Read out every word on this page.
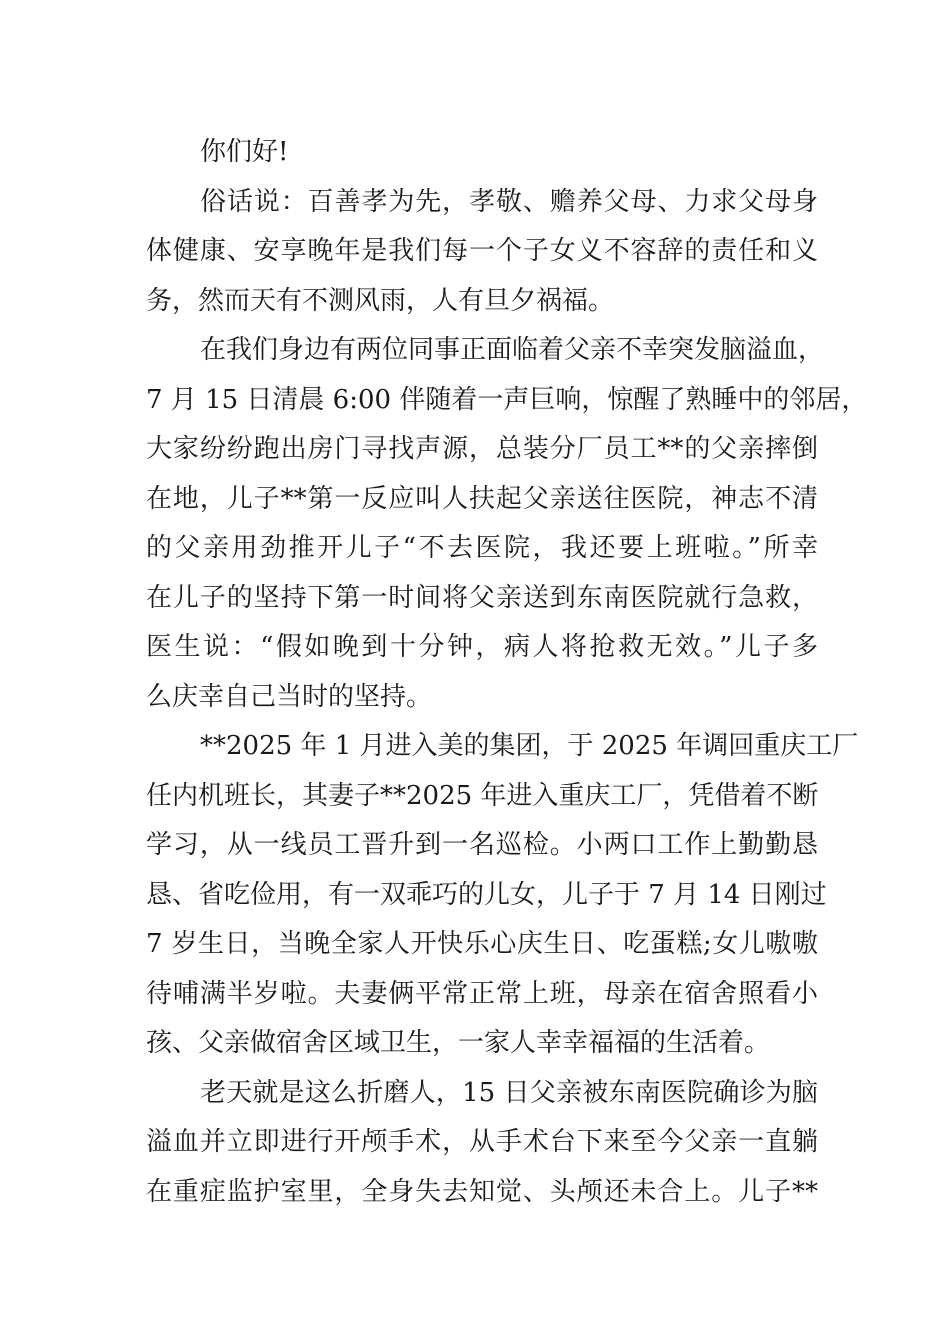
你们好!
俗话说：百善孝为先，孝敬、赡养父母、力求父母身
体健康、安享晚年是我们每一个子女义不容辞的责任和义
务，然而天有不测风雨，人有旦夕祸福。
在我们身边有两位同事正面临着父亲不幸突发脑溢血，
7 月 15 日清晨 6:00 伴随着一声巨响，惊醒了熟睡中的邻居，
大家纷纷跑出房门寻找声源，总装分厂员工**的父亲摔倒
在地，儿子**第一反应叫人扶起父亲送往医院，神志不清
的父亲用劲推开儿子“不去医院，我还要上班啦。”所幸
在儿子的坚持下第一时间将父亲送到东南医院就行急救，
医生说：“假如晚到十分钟，病人将抢救无效。”儿子多
么庆幸自己当时的坚持。
**2025 年 1 月进入美的集团，于 2025 年调回重庆工厂
任内机班长，其妻子**2025 年进入重庆工厂，凭借着不断
学习，从一线员工晋升到一名巡检。小两口工作上勤勤恳
恳、省吃俭用，有一双乖巧的儿女，儿子于 7 月 14 日刚过
7 岁生日，当晚全家人开快乐心庆生日、吃蛋糕;女儿嗷嗷
待哺满半岁啦。夫妻俩平常正常上班，母亲在宿舍照看小
孩、父亲做宿舍区域卫生，一家人幸幸福福的生活着。
老天就是这么折磨人，15 日父亲被东南医院确诊为脑
溢血并立即进行开颅手术，从手术台下来至今父亲一直躺
在重症监护室里，全身失去知觉、头颅还未合上。儿子**
